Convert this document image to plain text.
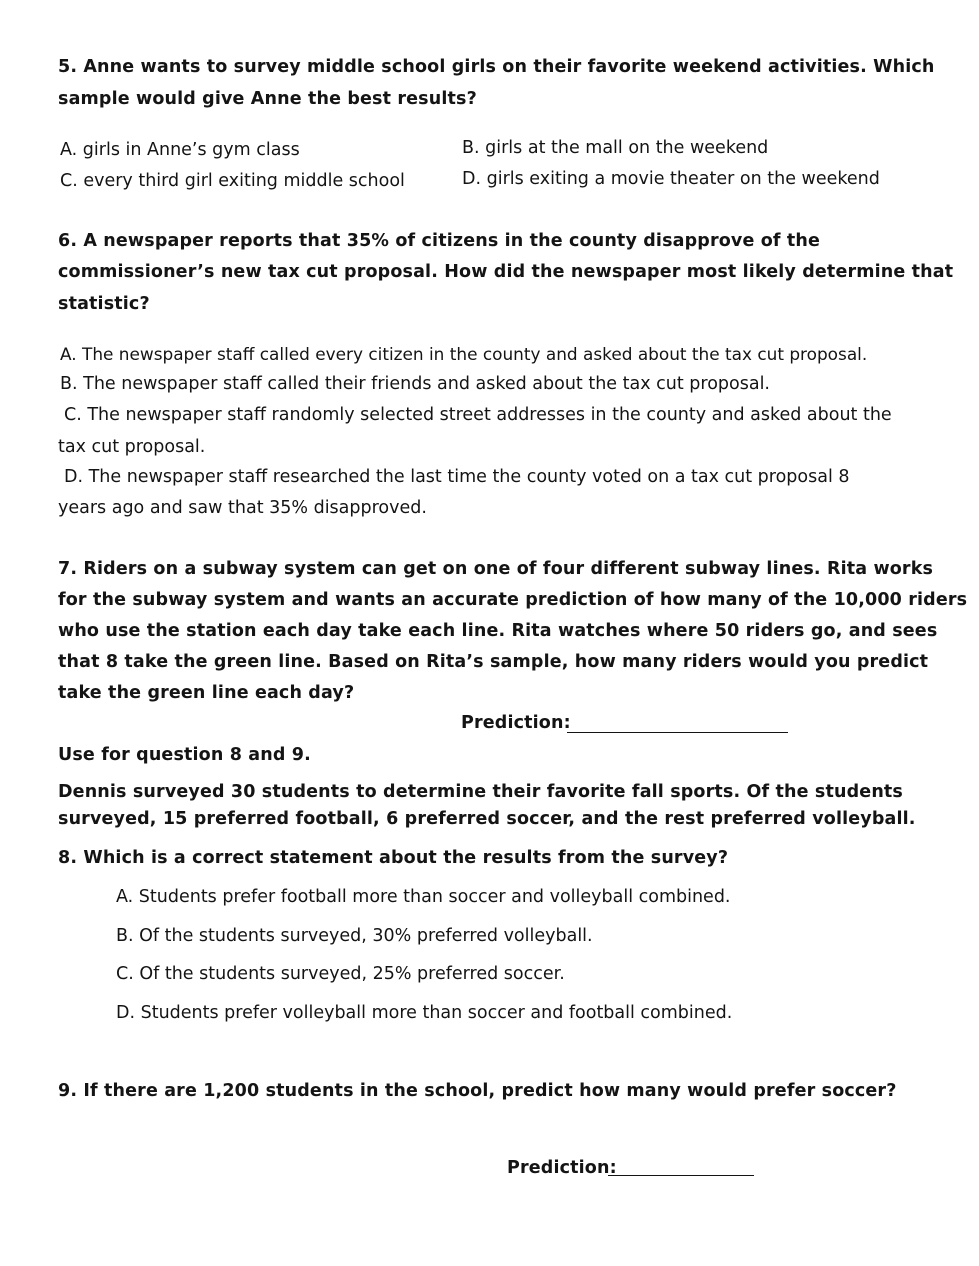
5. Anne wants to survey middle school girls on their favorite weekend activities. Which
sample would give Anne the best results?
A. girls in Anne’s gym class	B. girls at the mall on the weekend
C. every third girl exiting middle school	D. girls exiting a movie theater on the weekend
6. A newspaper reports that 35% of citizens in the county disapprove of the
commissioner’s new tax cut proposal. How did the newspaper most likely determine that
statistic?
A. The newspaper staff called every citizen in the county and asked about the tax cut proposal.
B. The newspaper staff called their friends and asked about the tax cut proposal.
C. The newspaper staff randomly selected street addresses in the county and asked about the
tax cut proposal.
D. The newspaper staff researched the last time the county voted on a tax cut proposal 8
years ago and saw that 35% disapproved.
7. Riders on a subway system can get on one of four different subway lines. Rita works
for the subway system and wants an accurate prediction of how many of the 10,000 riders
who use the station each day take each line. Rita watches where 50 riders go, and sees
that 8 take the green line. Based on Rita’s sample, how many riders would you predict
take the green line each day?
Prediction:
Use for question 8 and 9.
Dennis surveyed 30 students to determine their favorite fall sports. Of the students
surveyed, 15 preferred football, 6 preferred soccer, and the rest preferred volleyball.
8. Which is a correct statement about the results from the survey?
A. Students prefer football more than soccer and volleyball combined.
B. Of the students surveyed, 30% preferred volleyball.
C. Of the students surveyed, 25% preferred soccer.
D. Students prefer volleyball more than soccer and football combined.
9. If there are 1,200 students in the school, predict how many would prefer soccer?
Prediction:
